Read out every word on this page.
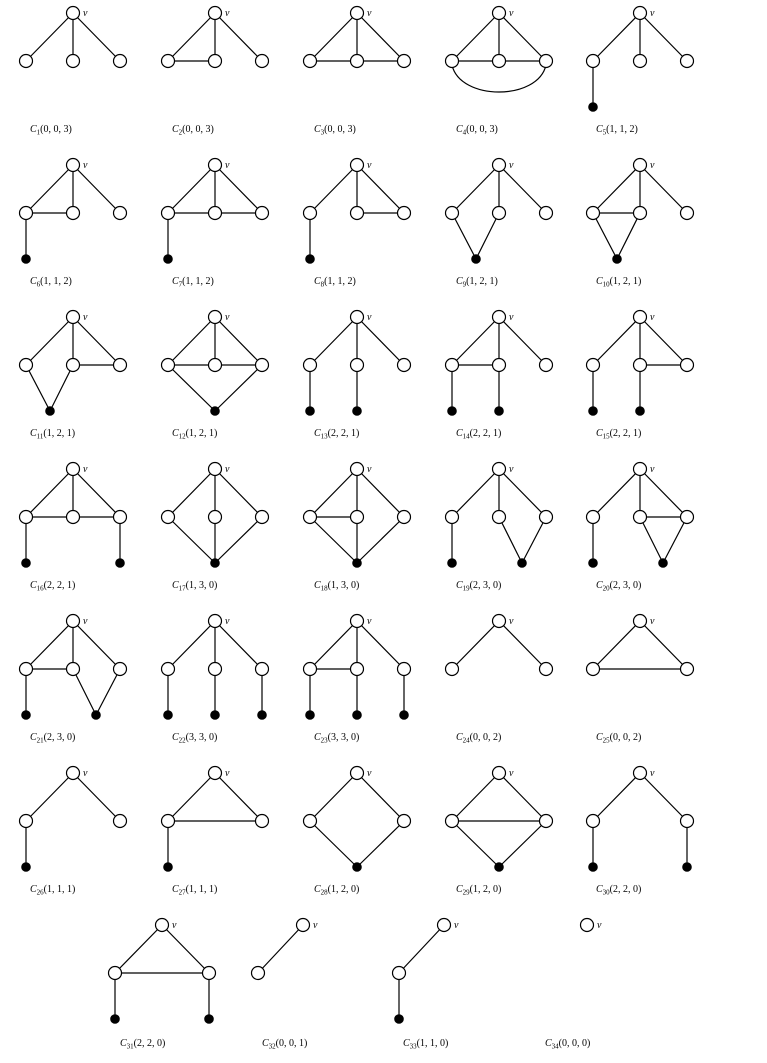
v
$C_1(0$, 0, 3)
v
$C_2(0$, 0, 3)
v
$C_3(0$, 0, 3)
v
$C_4(0$, 0, 3)
v
$C_5(1$, 1, 2)
v
$C_6(1$, 1, 2)
v
$C_7(1$, 1, 2)
v
$C_8(1$, 1, 2)
v
$C_9(1$, 2, 1)
v
$C_{10}(1$, 2, 1)
v
$C_{11}(1$, 2, 1)
v
$C_{12}(1$, 2, 1)
v
$C_{13}(2$, 2, 1)
v
$C_{14}(2$, 2, 1)
v
$C_{15}(2$, 2, 1)
v
$C_{16}(2$, 2, 1)
v
$C_{17}(1$, 3, 0)
v
$C_{18}(1$, 3, 0)
v
$C_{19}(2$, 3, 0)
v
$C_{20}(2$, 3, 0)
v
$C_{21}(2$, 3, 0)
v
$C_{22}(3$, 3, 0)
v
$C_{23}(3$, 3, 0)
v
$C_{24}(0$, 0, 2)
v
$C_{25}(0$, 0, 2)
v
$C_{26}(1$, 1, 1)
v
$C_{27}(1$, 1, 1)
v
$C_{28}(1$, 2, 0)
v
$C_{29}(1$, 2, 0)
v
$C_{30}(2$, 2, 0)
v
$C_{31}(2$, 2, 0)
v
$C_{32}(0$, 0, 1)
v
$C_{33}(1$, 1, 0)
v
$C_{34}(0$, 0, 0)
